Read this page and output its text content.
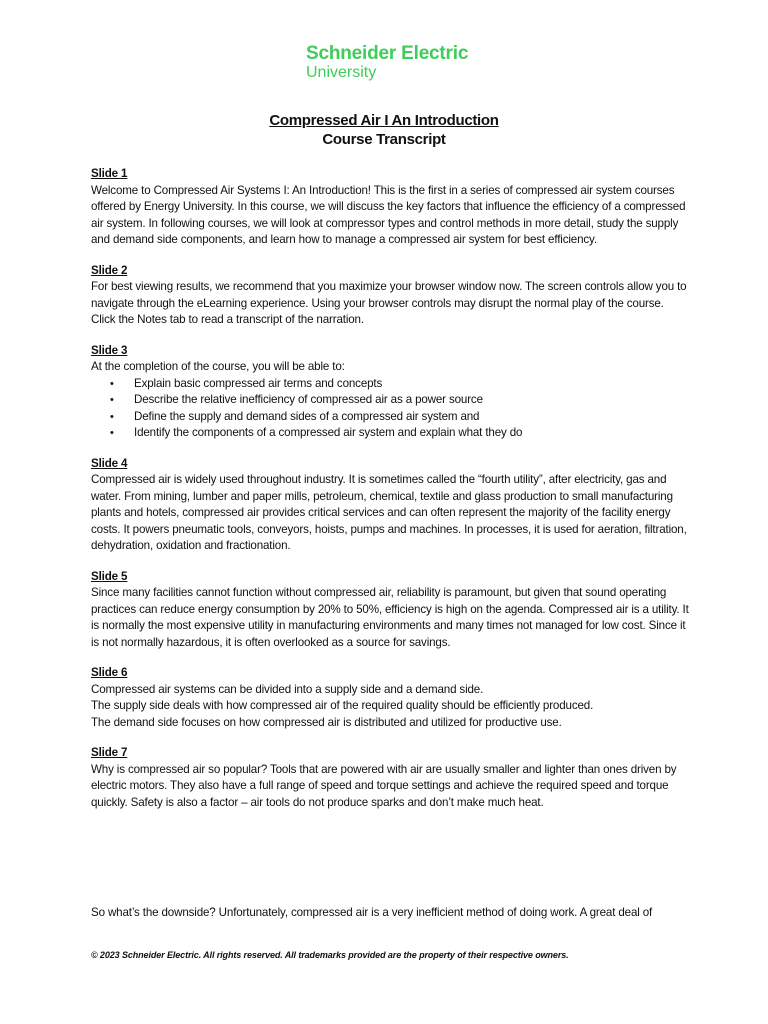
Schneider Electric
University
Compressed Air I An Introduction
Course Transcript
Slide 1

Welcome to Compressed Air Systems I: An Introduction! This is the first in a series of compressed air system courses offered by Energy University. In this course, we will discuss the key factors that influence the efficiency of a compressed air system. In following courses, we will look at compressor types and control methods in more detail, study the supply and demand side components, and learn how to manage a compressed air system for best efficiency.

Slide 2

For best viewing results, we recommend that you maximize your browser window now. The screen controls allow you to navigate through the eLearning experience. Using your browser controls may disrupt the normal play of the course. Click the Notes tab to read a transcript of the narration.

Slide 3

At the completion of the course, you will be able to:

• Explain basic compressed air terms and concepts
• Describe the relative inefficiency of compressed air as a power source
• Define the supply and demand sides of a compressed air system and
• Identify the components of a compressed air system and explain what they do
Slide 4

Compressed air is widely used throughout industry. It is sometimes called the “fourth utility”, after electricity, gas and water. From mining, lumber and paper mills, petroleum, chemical, textile and glass production to small manufacturing plants and hotels, compressed air provides critical services and can often represent the majority of the facility energy costs. It powers pneumatic tools, conveyors, hoists, pumps and machines. In processes, it is used for aeration, filtration, dehydration, oxidation and fractionation.

Slide 5

Since many facilities cannot function without compressed air, reliability is paramount, but given that sound operating practices can reduce energy consumption by 20% to 50%, efficiency is high on the agenda. Compressed air is a utility. It is normally the most expensive utility in manufacturing environments and many times not managed for low cost. Since it is not normally hazardous, it is often overlooked as a source for savings.

Slide 6

Compressed air systems can be divided into a supply side and a demand side.

The supply side deals with how compressed air of the required quality should be efficiently produced.

The demand side focuses on how compressed air is distributed and utilized for productive use.

Slide 7

Why is compressed air so popular? Tools that are powered with air are usually smaller and lighter than ones driven by electric motors. They also have a full range of speed and torque settings and achieve the required speed and torque quickly. Safety is also a factor – air tools do not produce sparks and don’t make much heat.

So what’s the downside? Unfortunately, compressed air is a very inefficient method of doing work. A great deal of
© 2023 Schneider Electric. All rights reserved. All trademarks provided are the property of their respective owners.
